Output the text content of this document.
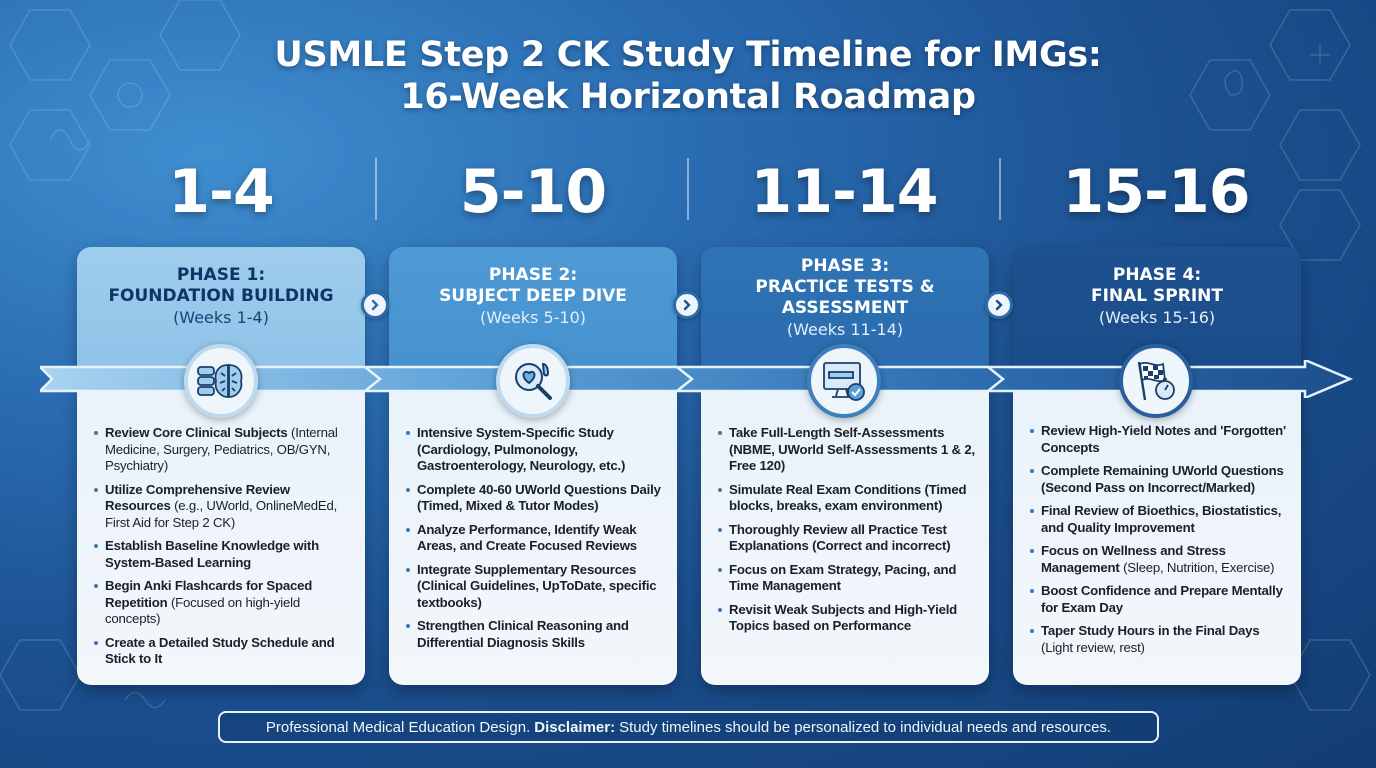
USMLE Step 2 CK Study Timeline for IMGs:
16-Week Horizontal Roadmap
1-4	5-10	11-14	15-16
PHASE 1:
FOUNDATION BUILDING
(Weeks 1-4)
Review Core Clinical Subjects (Internal Medicine, Surgery, Pediatrics, OB/GYN, Psychiatry)
Utilize Comprehensive Review Resources (e.g., UWorld, OnlineMedEd, First Aid for Step 2 CK)
Establish Baseline Knowledge with System-Based Learning
Begin Anki Flashcards for Spaced Repetition (Focused on high-yield concepts)
Create a Detailed Study Schedule and Stick to It
PHASE 2:
SUBJECT DEEP DIVE
(Weeks 5-10)
Intensive System-Specific Study (Cardiology, Pulmonology, Gastroenterology, Neurology, etc.)
Complete 40-60 UWorld Questions Daily (Timed, Mixed & Tutor Modes)
Analyze Performance, Identify Weak Areas, and Create Focused Reviews
Integrate Supplementary Resources (Clinical Guidelines, UpToDate, specific textbooks)
Strengthen Clinical Reasoning and Differential Diagnosis Skills
PHASE 3:
PRACTICE TESTS &
ASSESSMENT
(Weeks 11-14)
Take Full-Length Self-Assessments (NBME, UWorld Self-Assessments 1 & 2, Free 120)
Simulate Real Exam Conditions (Timed blocks, breaks, exam environment)
Thoroughly Review all Practice Test Explanations (Correct and incorrect)
Focus on Exam Strategy, Pacing, and Time Management
Revisit Weak Subjects and High-Yield Topics based on Performance
PHASE 4:
FINAL SPRINT
(Weeks 15-16)
Review High-Yield Notes and 'Forgotten' Concepts
Complete Remaining UWorld Questions (Second Pass on Incorrect/Marked)
Final Review of Bioethics, Biostatistics, and Quality Improvement
Focus on Wellness and Stress Management (Sleep, Nutrition, Exercise)
Boost Confidence and Prepare Mentally for Exam Day
Taper Study Hours in the Final Days (Light review, rest)
Professional Medical Education Design. Disclaimer: Study timelines should be personalized to individual needs and resources.
